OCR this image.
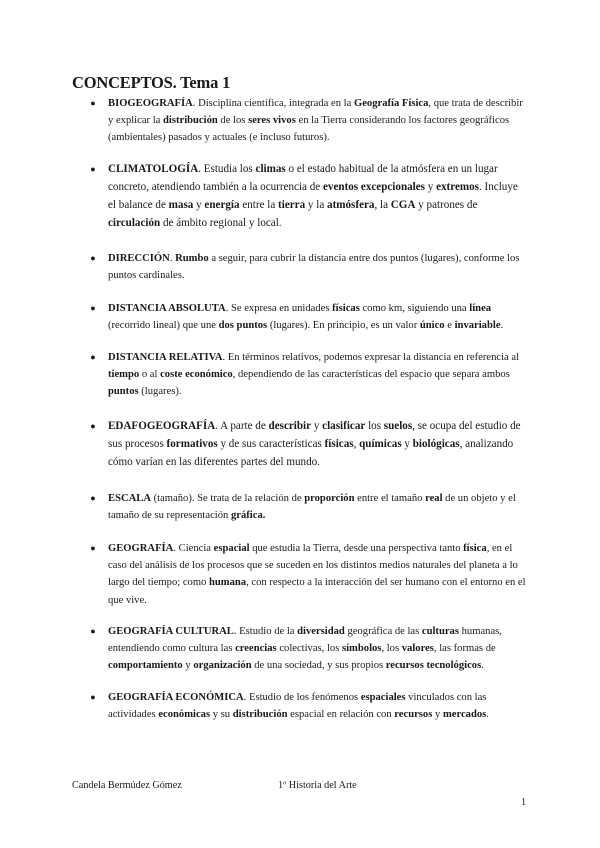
CONCEPTOS. Tema 1
● BIOGEOGRAFÍA. Disciplina científica, integrada en la Geografía Física, que trata de describir y explicar la distribución de los seres vivos en la Tierra considerando los factores geográficos (ambientales) pasados y actuales (e incluso futuros).
● CLIMATOLOGÍA. Estudia los climas o el estado habitual de la atmósfera en un lugar concreto, atendiendo también a la ocurrencia de eventos excepcionales y extremos. Incluye el balance de masa y energía entre la tierra y la atmósfera, la CGA y patrones de circulación de ámbito regional y local.
● DIRECCIÓN. Rumbo a seguir, para cubrir la distancia entre dos puntos (lugares), conforme los puntos cardinales.
● DISTANCIA ABSOLUTA. Se expresa en unidades físicas como km, siguiendo una línea (recorrido lineal) que une dos puntos (lugares). En principio, es un valor único e invariable.
● DISTANCIA RELATIVA. En términos relativos, podemos expresar la distancia en referencia al tiempo o al coste económico, dependiendo de las características del espacio que separa ambos puntos (lugares).
● EDAFOGEOGRAFÍA. A parte de describir y clasificar los suelos, se ocupa del estudio de sus procesos formativos y de sus características físicas, químicas y biológicas, analizando cómo varían en las diferentes partes del mundo.
● ESCALA (tamaño). Se trata de la relación de proporción entre el tamaño real de un objeto y el tamaño de su representación gráfica.
● GEOGRAFÍA. Ciencia espacial que estudia la Tierra, desde una perspectiva tanto física, en el caso del análisis de los procesos que se suceden en los distintos medios naturales del planeta a lo largo del tiempo; como humana, con respecto a la interacción del ser humano con el entorno en el que vive.
● GEOGRAFÍA CULTURAL. Estudio de la diversidad geográfica de las culturas humanas, entendiendo como cultura las creencias colectivas, los símbolos, los valores, las formas de comportamiento y organización de una sociedad, y sus propios recursos tecnológicos.
● GEOGRAFÍA ECONÓMICA. Estudio de los fenómenos espaciales vinculados con las actividades económicas y su distribución espacial en relación con recursos y mercados.
Candela Bermúdez Gómez	1º Historia del Arte
1
